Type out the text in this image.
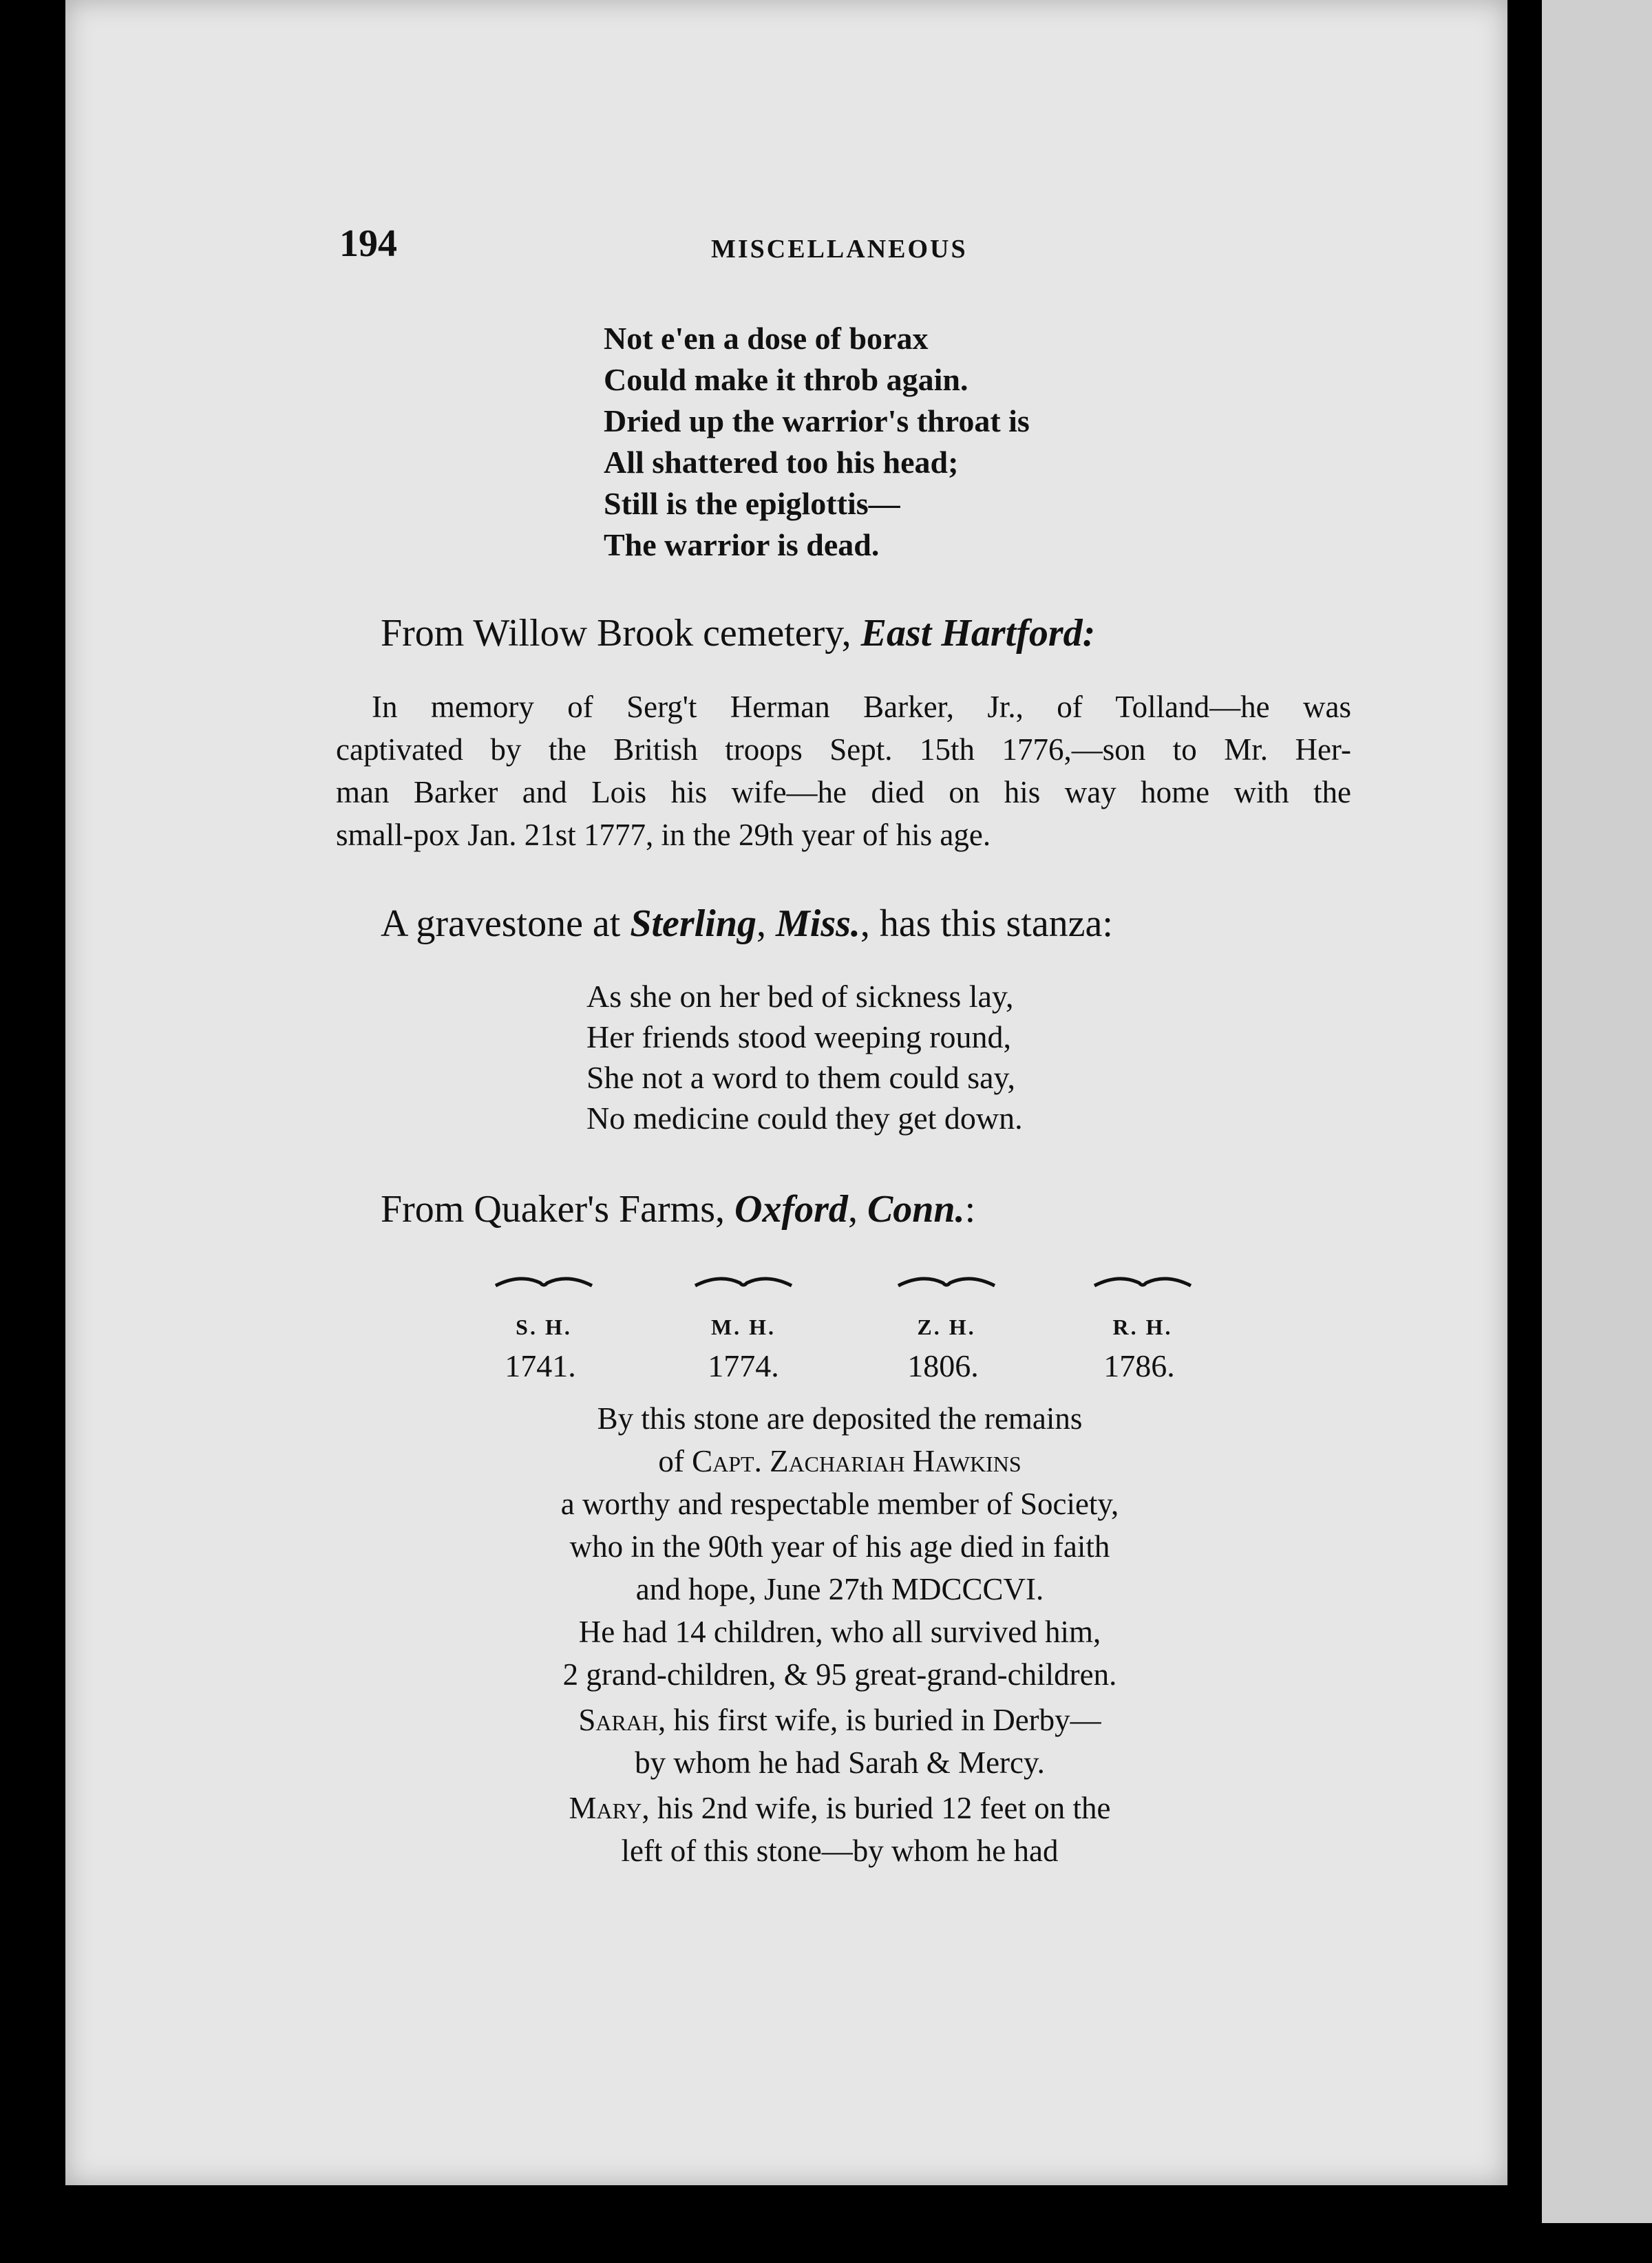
194	MISCELLANEOUS
Not e'en a dose of borax
Could make it throb again.
Dried up the warrior's throat is
All shattered too his head;
Still is the epiglottis—
The warrior is dead.
From Willow Brook cemetery, East Hartford:
In memory of Serg't Herman Barker, Jr., of Tolland—he was
captivated by the British troops Sept. 15th 1776,—son to Mr. Her-
man Barker and Lois his wife—he died on his way home with the
small-pox Jan. 21st 1777, in the 29th year of his age.
A gravestone at Sterling, Miss., has this stanza:
As she on her bed of sickness lay,
Her friends stood weeping round,
She not a word to them could say,
No medicine could they get down.
From Quaker's Farms, Oxford, Conn.:
S. H.	M. H.	Z. H.	R. H.
1741.	1774.	1806.	1786.
By this stone are deposited the remains
of Capt. Zachariah Hawkins
a worthy and respectable member of Society,
who in the 90th year of his age died in faith
and hope, June 27th MDCCCVI.
He had 14 children, who all survived him,
2 grand-children, & 95 great-grand-children.
Sarah, his first wife, is buried in Derby—
by whom he had Sarah & Mercy.
Mary, his 2nd wife, is buried 12 feet on the
left of this stone—by whom he had
